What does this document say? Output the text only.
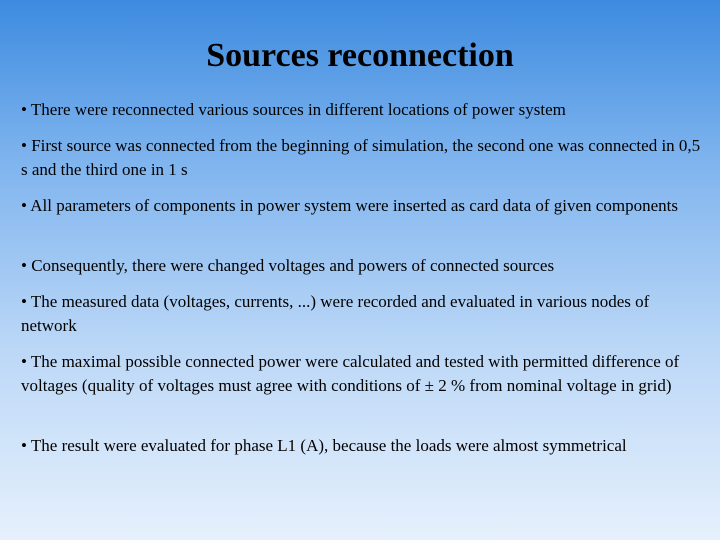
Sources reconnection
• There were reconnected various sources in different locations of power system
• First source was connected from the beginning of simulation, the second one was connected in 0,5 s and the third one in 1 s
• All parameters of components in power system were inserted as card data of given components
• Consequently, there were changed voltages and powers of connected sources
• The measured data (voltages, currents, ...) were recorded and evaluated in various nodes of network
• The maximal possible connected power were calculated and tested with permitted difference of voltages (quality of voltages must agree with conditions of ± 2 % from nominal voltage in grid)
• The result were evaluated for phase L1 (A), because the loads were almost symmetrical
